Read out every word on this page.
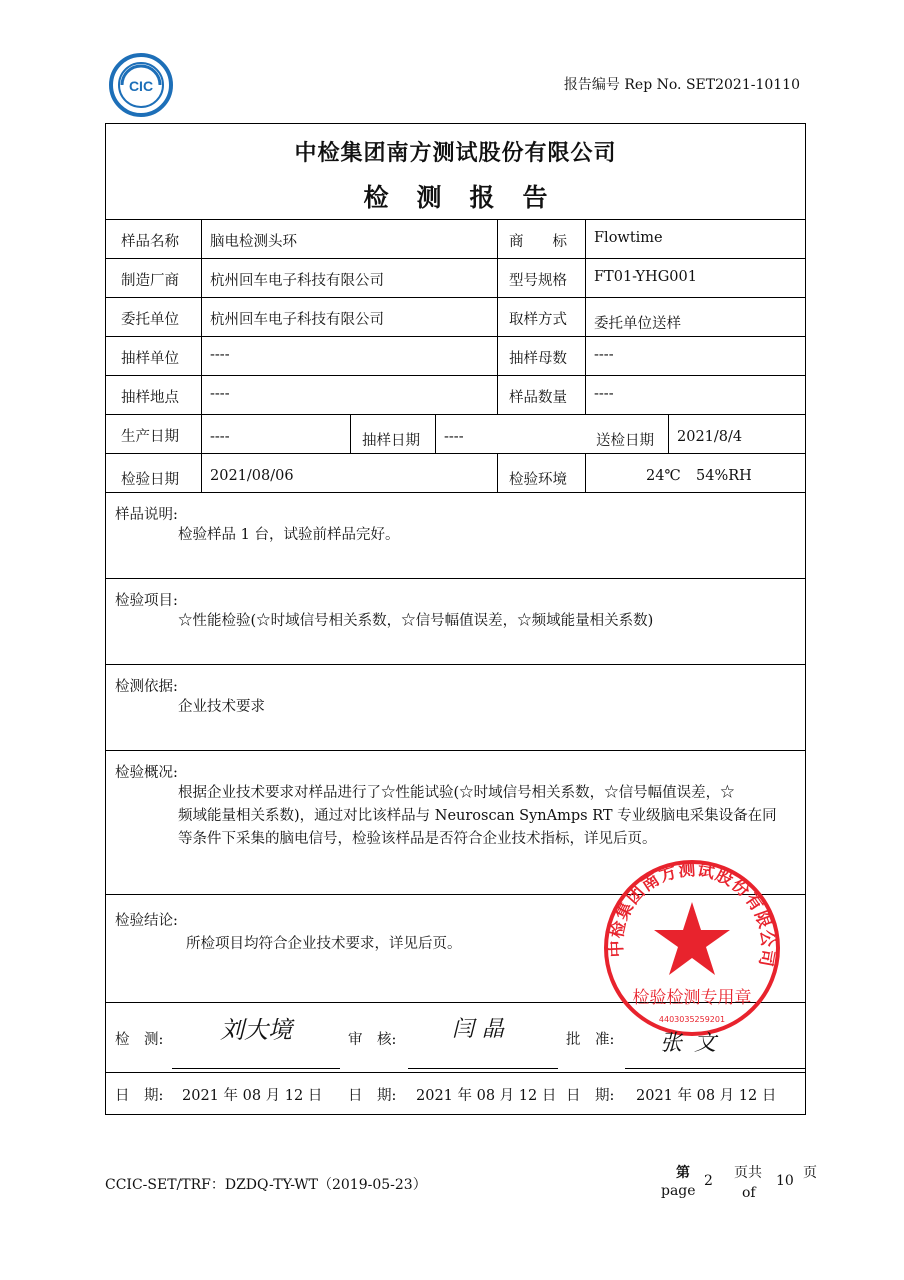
CIC	报告编号 Rep No. SET2021-10110
中检集团南方测试股份有限公司
检测报告
样品名称 脑电检测头环	商　　标 Flowtime
制造厂商 杭州回车电子科技有限公司	型号规格 FT01-YHG001
委托单位 杭州回车电子科技有限公司	取样方式 委托单位送样
抽样单位 ----	抽样母数 ----
抽样地点 ----	样品数量 ----
生产日期 ----	抽样日期 ----	送检日期 2021/8/4
检验日期 2021/08/06	检验环境	24℃ 54%RH
样品说明:
检验样品 1 台，试验前样品完好。
检验项目:
☆性能检验(☆时域信号相关系数，☆信号幅值误差，☆频域能量相关系数)
检测依据:
企业技术要求
检验概况:
根据企业技术要求对样品进行了☆性能试验(☆时域信号相关系数，☆信号幅值误差，☆
频域能量相关系数)，通过对比该样品与 Neuroscan SynAmps RT 专业级脑电采集设备在同
等条件下采集的脑电信号，检验该样品是否符合企业技术指标，详见后页。
检验结论:
所检项目均符合企业技术要求，详见后页。	中检集团南方测试股份有限公司
检验检测专用章
4403035259201
检　测: 刘大境	审　核:	闫晶	批　准: 张文
日　期: 2021 年 08 月 12 日 日　期: 2021 年 08 月 12 日 日　期: 2021 年 08 月 12 日
CCIC-SET/TRF：DZDQ-TY-WT（2019-05-23）
第
page
2 页共
of
10 页
